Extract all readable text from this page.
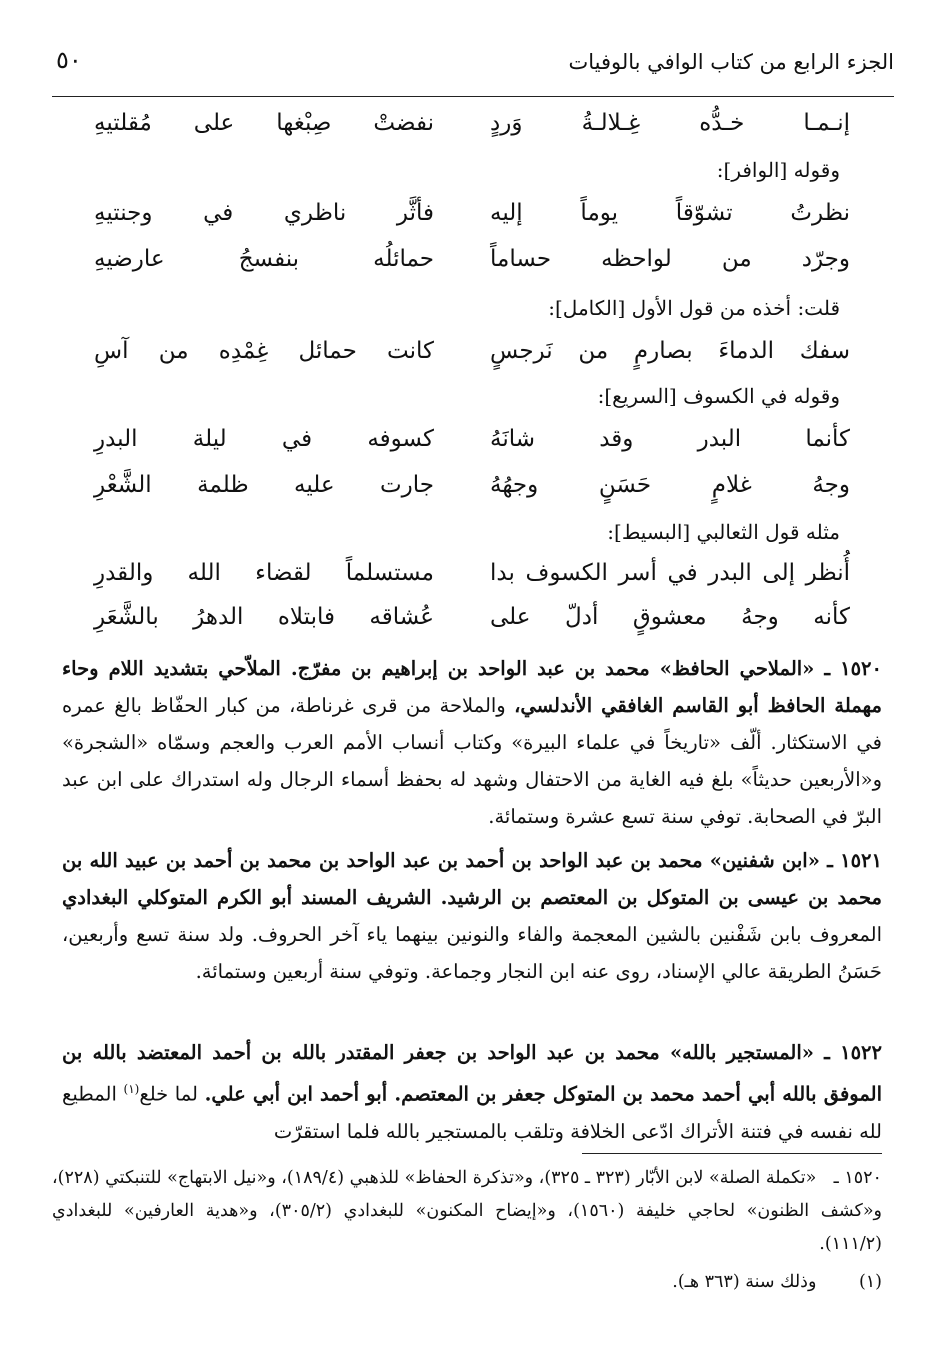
الجزء الرابع من كتاب الوافي بالوفيات
٥٠
إنـمـا خـدُّه غِـلالـةُ وَردٍ
نفضتْ صِبْغها على مُقلتيهِ
وقوله [الوافر]:
نظرتُ تشوّقاً يوماً إليه
فأثَّر ناظري في وجنتيهِ
وجرّد من لواحظه حساماً
حمائلُه بنفسجُ عارضيهِ
قلت: أخذه من قول الأول [الكامل]:
سفك الدماءَ بصارمٍ من نَرجسٍ
كانت حمائل غِمْدِه من آسِ
وقوله في الكسوف [السريع]:
كأنما البدر وقد شانَهُ
كسوفه في ليلة البدرِ
وجهُ غلامٍ حَسَنٍ وجهُهُ
جارت عليه ظلمة الشَّعْرِ
مثله قول الثعالبي [البسيط]:
أُنظر إلى البدر في أسر الكسوف بدا
مستسلماً لقضاء الله والقدرِ
كأنه وجهُ معشوقٍ أدلّ على
عُشاقه فابتلاه الدهرُ بالشَّعَرِ
١٥٢٠ ـ «الملاحي الحافظ» محمد بن عبد الواحد بن إبراهيم بن مفرّج. الملاّحي بتشديد اللام وحاء مهملة الحافظ أبو القاسم الغافقي الأندلسي، والملاحة من قرى غرناطة، من كبار الحفّاظ بالغ عمره في الاستكثار. ألّف «تاريخاً في علماء البيرة» وكتاب أنساب الأمم العرب والعجم وسمّاه «الشجرة» و«الأربعين حديثاً» بلغ فيه الغاية من الاحتفال وشهد له بحفظ أسماء الرجال وله استدراك على ابن عبد البرّ في الصحابة. توفي سنة تسع عشرة وستمائة.
١٥٢١ ـ «ابن شفنين» محمد بن عبد الواحد بن أحمد بن عبد الواحد بن محمد بن أحمد بن عبيد الله بن محمد بن عيسى بن المتوكل بن المعتصم بن الرشيد. الشريف المسند أبو الكرم المتوكلي البغدادي المعروف بابن شَفْنين بالشين المعجمة والفاء والنونين بينهما ياء آخر الحروف. ولد سنة تسع وأربعين، حَسَنُ الطريقة عالي الإسناد، روى عنه ابن النجار وجماعة. وتوفي سنة أربعين وستمائة.
١٥٢٢ ـ «المستجير بالله» محمد بن عبد الواحد بن جعفر المقتدر بالله بن أحمد المعتضد بالله بن الموفق بالله أبي أحمد محمد بن المتوكل جعفر بن المعتصم. أبو أحمد ابن أبي علي. لما خلع$^{(١)}$ المطيع لله نفسه في فتنة الأتراك ادّعى الخلافة وتلقب بالمستجير بالله فلما استقرّت
١٥٢٠ ـ «تكملة الصلة» لابن الأبّار (٣٢٣ ـ ٣٢٥)، و«تذكرة الحفاظ» للذهبي (١٨٩/٤)، و«نيل الابتهاج» للتنبكتي (٢٢٨)، و«كشف الظنون» لحاجي خليفة (١٥٦٠)، و«إيضاح المكنون» للبغدادي (٣٠٥/٢)، و«هدية العارفين» للبغدادي (١١١/٢).
(١) وذلك سنة (٣٦٣ هـ).
